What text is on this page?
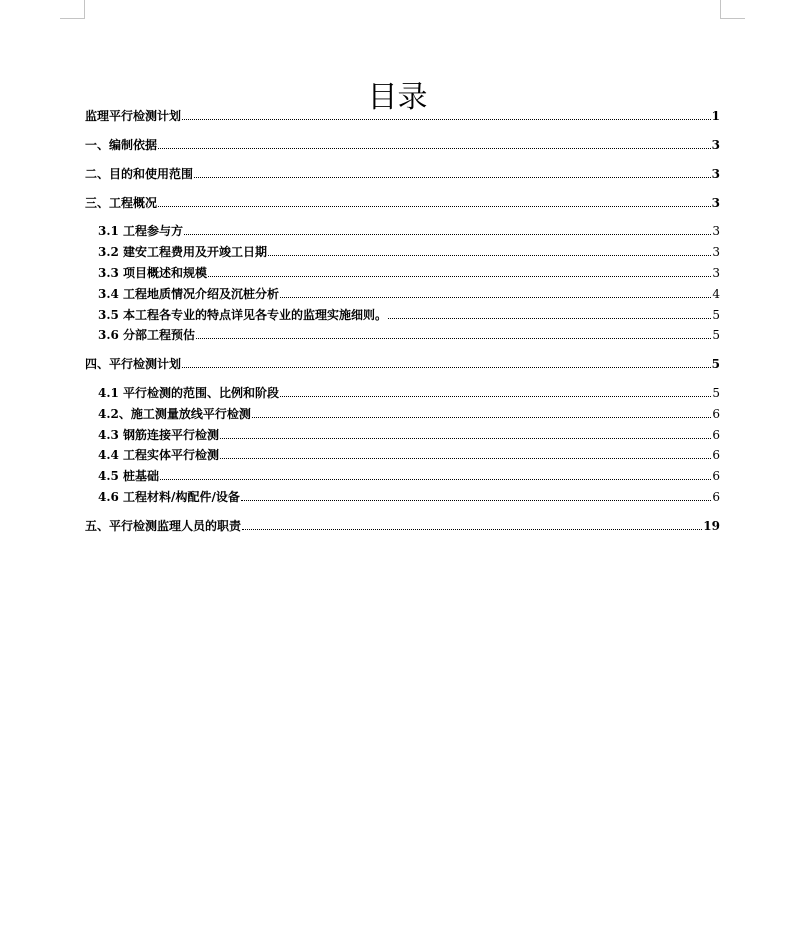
目录
监理平行检测计划	1
一、编制依据	3
二、目的和使用范围	3
三、工程概况	3
3.1 工程参与方	3
3.2 建安工程费用及开竣工日期	3
3.3 项目概述和规模	3
3.4 工程地质情况介绍及沉桩分析	4
3.5 本工程各专业的特点详见各专业的监理实施细则。	5
3.6 分部工程预估	5
四、平行检测计划	5
4.1 平行检测的范围、比例和阶段	5
4.2、施工测量放线平行检测	6
4.3 钢筋连接平行检测	6
4.4 工程实体平行检测	6
4.5 桩基础	6
4.6 工程材料/构配件/设备	6
五、平行检测监理人员的职责	19
